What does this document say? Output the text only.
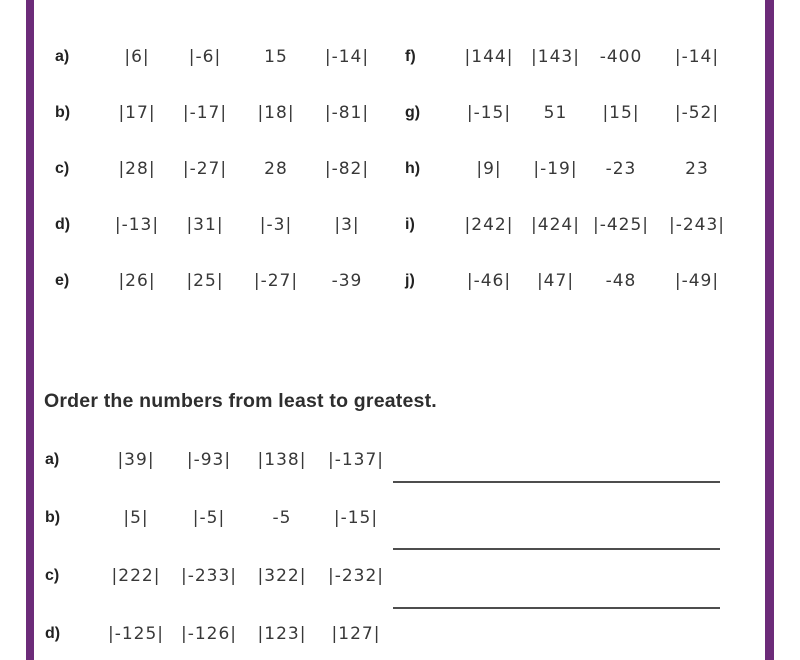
a)	|6|	|-6|	15	|-14|
b)	|17|	|-17|	|18|	|-81|
c)	|28|	|-27|	28	|-82|
d)	|-13|	|31|	|-3|	|3|
e)	|26|	|25|	|-27|	-39
f)	|144|	|143|	-400	|-14|
g)	|-15|	51	|15|	|-52|
h)	|9|	|-19|	-23	23
i)	|242|	|424| |-425|	|-243|
j)	|-46|	|47|	-48	|-49|
Order the numbers from least to greatest.
a)	|39|	|-93|	|138|	|-137|
b)	|5|	|-5|	-5	|-15|
c)	|222|	|-233|	|322|	|-232|
d)	|-125| |-126|	|123|	|127|
